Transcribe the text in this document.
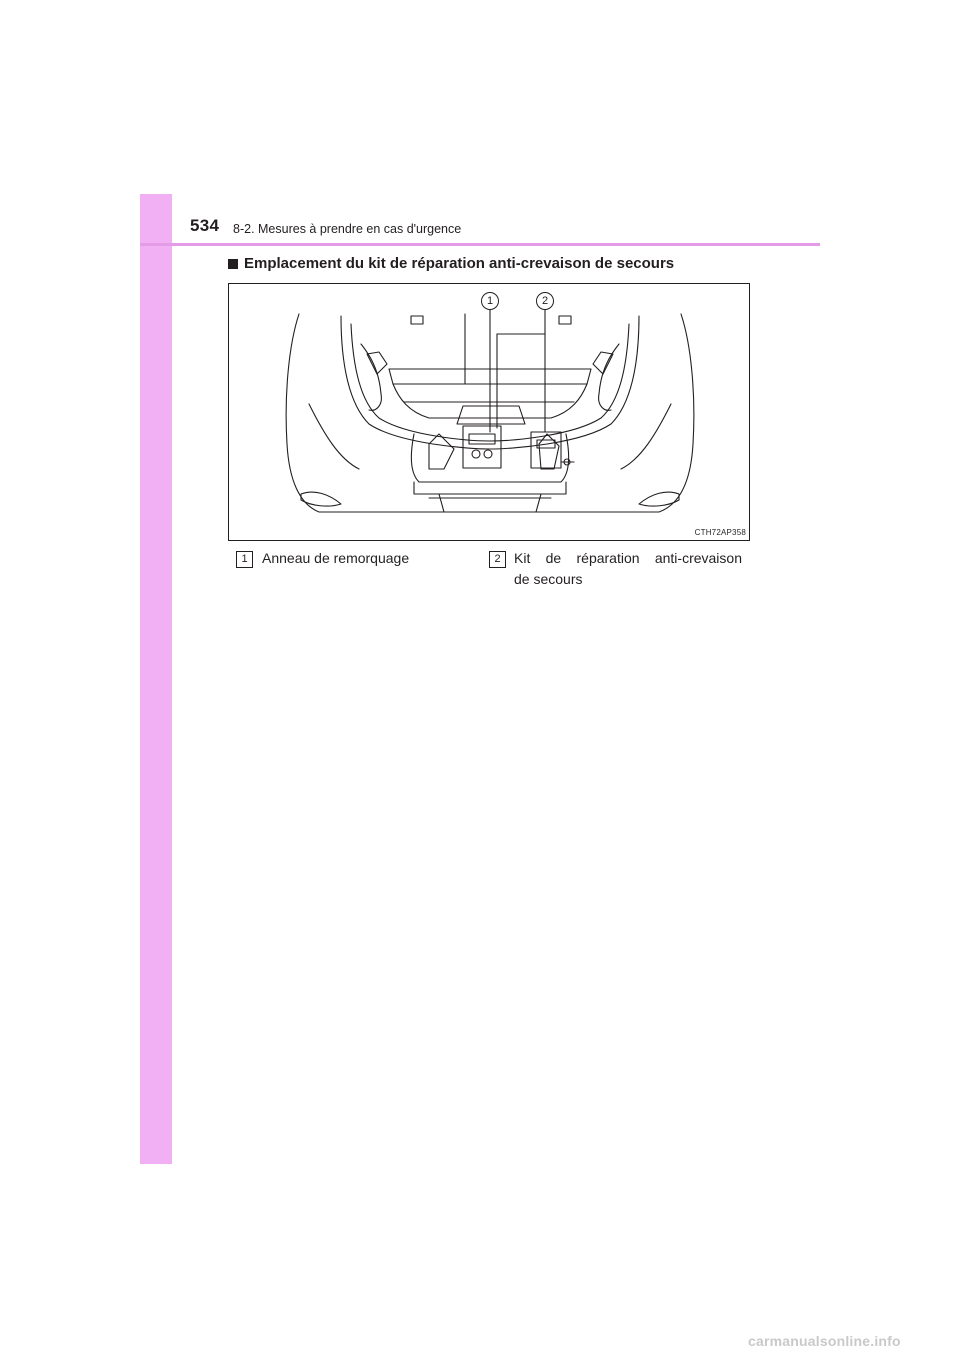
534 8-2. Mesures à prendre en cas d'urgence
Emplacement du kit de réparation anti-crevaison de secours
1	2
CTH72AP358
1	Anneau de remorquage	2 Kit de réparation anti-crevaison
de secours
carmanualsonline.info
